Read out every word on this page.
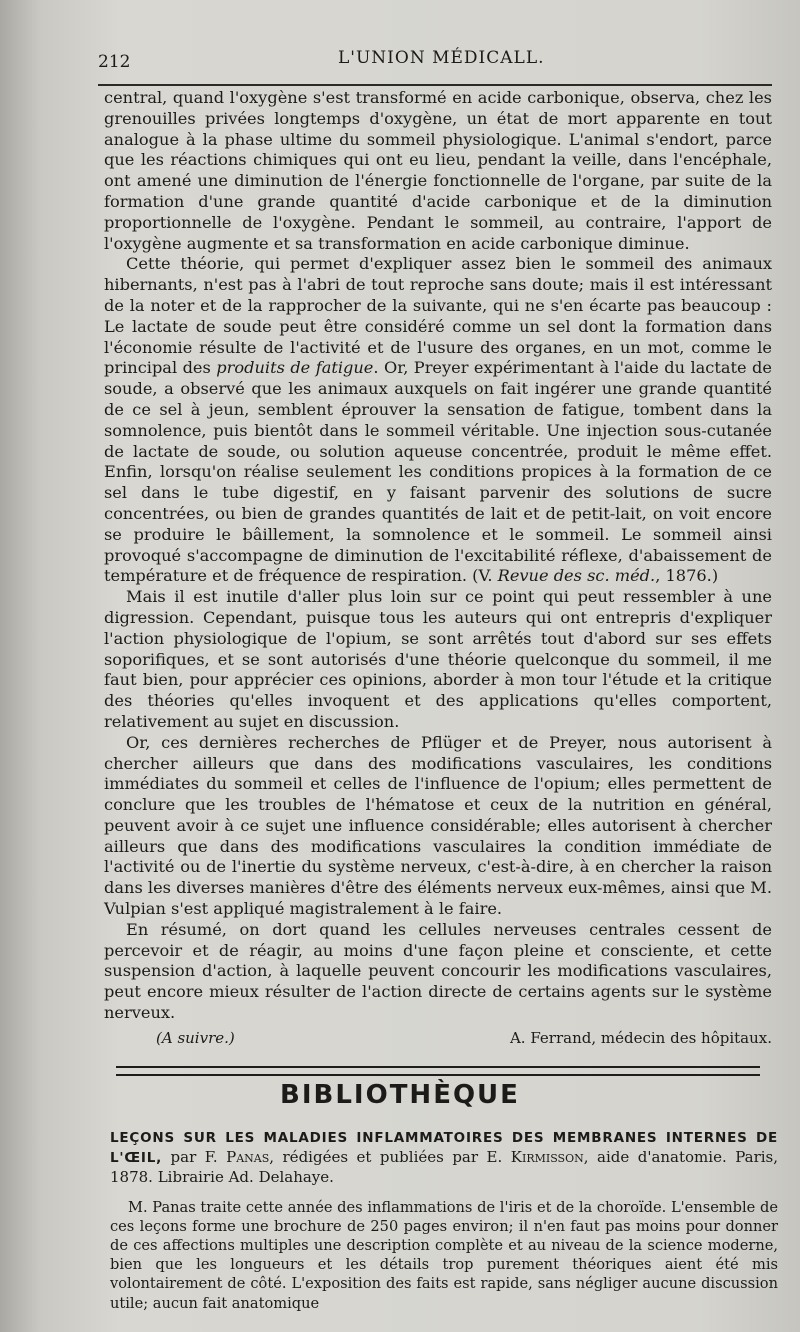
212	L'UNION MÉDICALL.

central, quand l'oxygène s'est transformé en acide carbonique, observa, chez les grenouilles privées longtemps d'oxygène, un état de mort apparente en tout analogue à la phase ultime du sommeil physiologique. L'animal s'endort, parce que les réactions chimiques qui ont eu lieu, pendant la veille, dans l'encéphale, ont amené une diminution de l'énergie fonctionnelle de l'organe, par suite de la formation d'une grande quantité d'acide carbonique et de la diminution proportionnelle de l'oxygène. Pendant le sommeil, au contraire, l'apport de l'oxygène augmente et sa transformation en acide carbonique diminue.

Cette théorie, qui permet d'expliquer assez bien le sommeil des animaux hibernants, n'est pas à l'abri de tout reproche sans doute; mais il est intéressant de la noter et de la rapprocher de la suivante, qui ne s'en écarte pas beaucoup : Le lactate de soude peut être considéré comme un sel dont la formation dans l'économie résulte de l'activité et de l'usure des organes, en un mot, comme le principal des produits de fatigue. Or, Preyer expérimentant à l'aide du lactate de soude, a observé que les animaux auxquels on fait ingérer une grande quantité de ce sel à jeun, semblent éprouver la sensation de fatigue, tombent dans la somnolence, puis bientôt dans le sommeil véritable. Une injection sous-cutanée de lactate de soude, ou solution aqueuse concentrée, produit le même effet. Enfin, lorsqu'on réalise seulement les conditions propices à la formation de ce sel dans le tube digestif, en y faisant parvenir des solutions de sucre concentrées, ou bien de grandes quantités de lait et de petit-lait, on voit encore se produire le bâillement, la somnolence et le sommeil. Le sommeil ainsi provoqué s'accompagne de diminution de l'excitabilité réflexe, d'abaissement de température et de fréquence de respiration. (V. Revue des sc. méd., 1876.)

Mais il est inutile d'aller plus loin sur ce point qui peut ressembler à une digression. Cependant, puisque tous les auteurs qui ont entrepris d'expliquer l'action physiologique de l'opium, se sont arrêtés tout d'abord sur ses effets soporifiques, et se sont autorisés d'une théorie quelconque du sommeil, il me faut bien, pour apprécier ces opinions, aborder à mon tour l'étude et la critique des théories qu'elles invoquent et des applications qu'elles comportent, relativement au sujet en discussion.

Or, ces dernières recherches de Pflüger et de Preyer, nous autorisent à chercher ailleurs que dans des modifications vasculaires, les conditions immédiates du sommeil et celles de l'influence de l'opium; elles permettent de conclure que les troubles de l'hématose et ceux de la nutrition en général, peuvent avoir à ce sujet une influence considérable; elles autorisent à chercher ailleurs que dans des modifications vasculaires la condition immédiate de l'activité ou de l'inertie du système nerveux, c'est-à-dire, à en chercher la raison dans les diverses manières d'être des éléments nerveux eux-mêmes, ainsi que M. Vulpian s'est appliqué magistralement à le faire.

En résumé, on dort quand les cellules nerveuses centrales cessent de percevoir et de réagir, au moins d'une façon pleine et consciente, et cette suspension d'action, à laquelle peuvent concourir les modifications vasculaires, peut encore mieux résulter de l'action directe de certains agents sur le système nerveux.

(A suivre.)	A. Ferrand, médecin des hôpitaux.
BIBLIOTHÈQUE
LEÇONS SUR LES MALADIES INFLAMMATOIRES DES MEMBRANES INTERNES DE L'ŒIL, par F. Panas, rédigées et publiées par E. Kirmisson, aide d'anatomie. Paris, 1878. Librairie Ad. Delahaye.
M. Panas traite cette année des inflammations de l'iris et de la choroïde. L'ensemble de ces leçons forme une brochure de 250 pages environ; il n'en faut pas moins pour donner de ces affections multiples une description complète et au niveau de la science moderne, bien que les longueurs et les détails trop purement théoriques aient été mis volontairement de côté. L'exposition des faits est rapide, sans négliger aucune discussion utile; aucun fait anatomique
